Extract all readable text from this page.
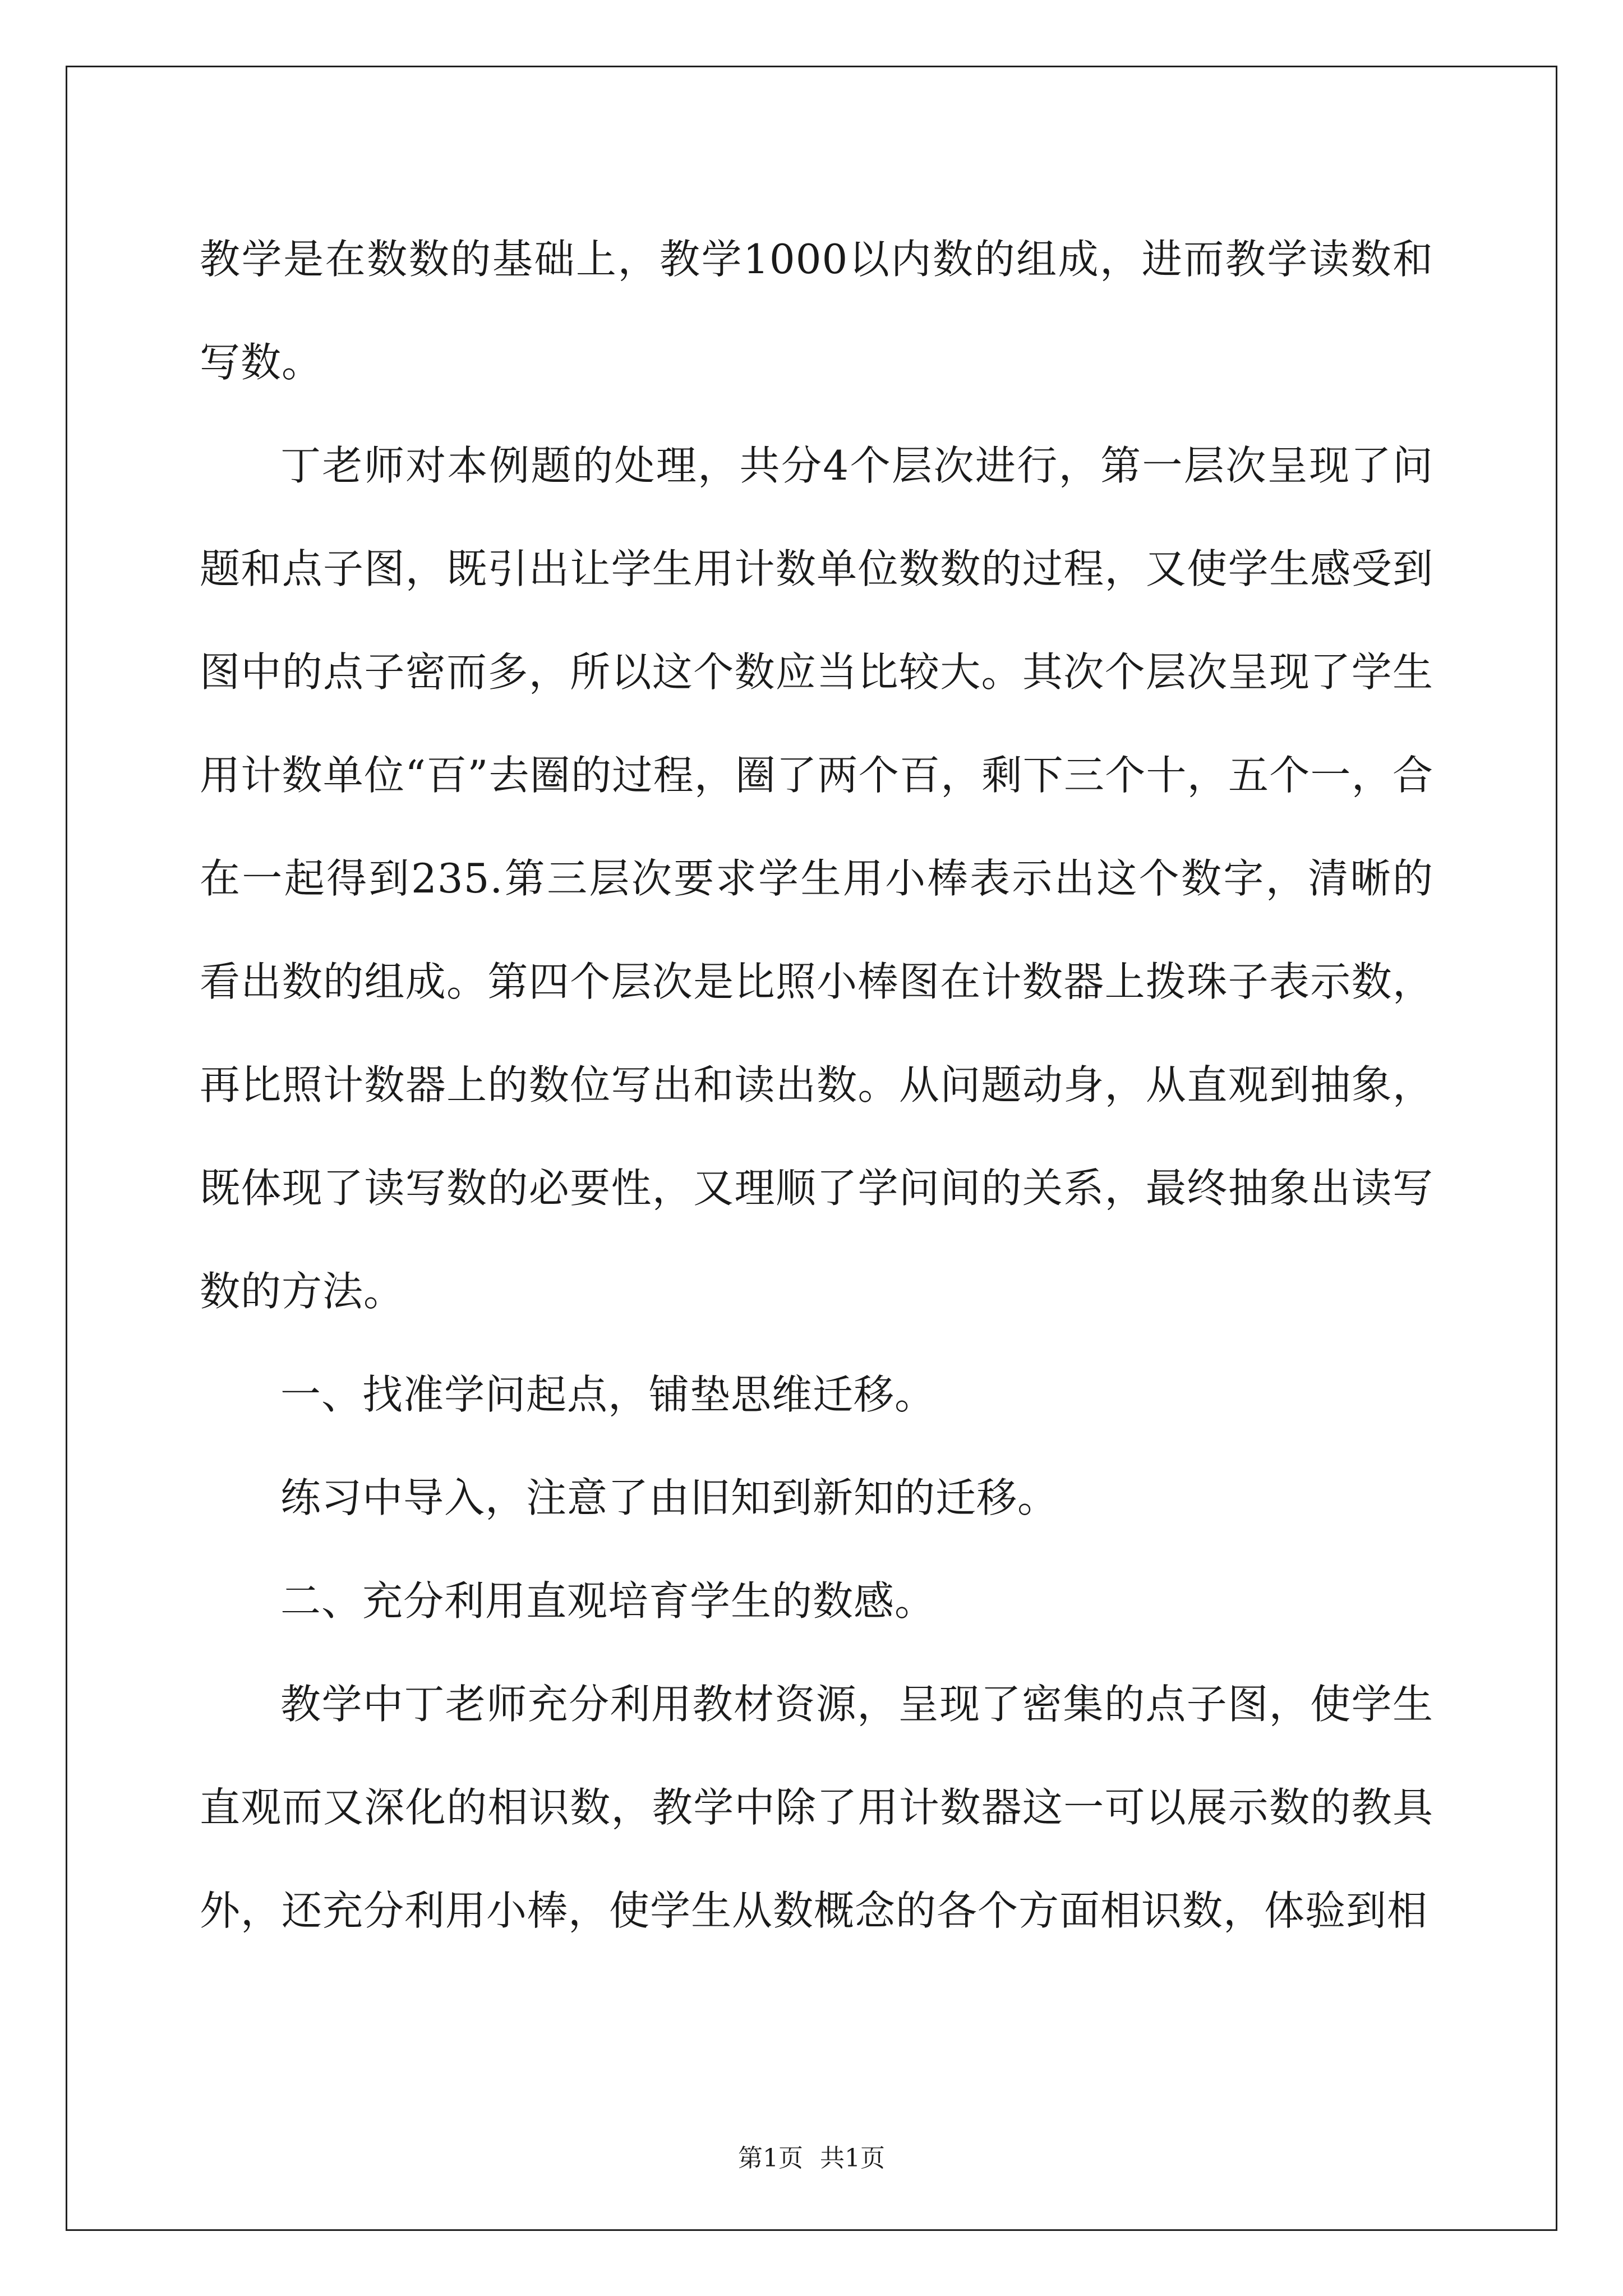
教学是在数数的基础上，教学1000以内数的组成，进而教学读数和写数。

丁老师对本例题的处理，共分4个层次进行，第一层次呈现了问题和点子图，既引出让学生用计数单位数数的过程，又使学生感受到图中的点子密而多，所以这个数应当比较大。其次个层次呈现了学生用计数单位“百”去圈的过程，圈了两个百，剩下三个十，五个一，合在一起得到235.第三层次要求学生用小棒表示出这个数字，清晰的看出数的组成。第四个层次是比照小棒图在计数器上拨珠子表示数，再比照计数器上的数位写出和读出数。从问题动身，从直观到抽象，既体现了读写数的必要性，又理顺了学问间的关系，最终抽象出读写数的方法。

一、找准学问起点，铺垫思维迁移。

练习中导入，注意了由旧知到新知的迁移。

二、充分利用直观培育学生的数感。

教学中丁老师充分利用教材资源，呈现了密集的点子图，使学生直观而又深化的相识数，教学中除了用计数器这一可以展示数的教具外，还充分利用小棒，使学生从数概念的各个方面相识数，体验到相

第1页 共1页
